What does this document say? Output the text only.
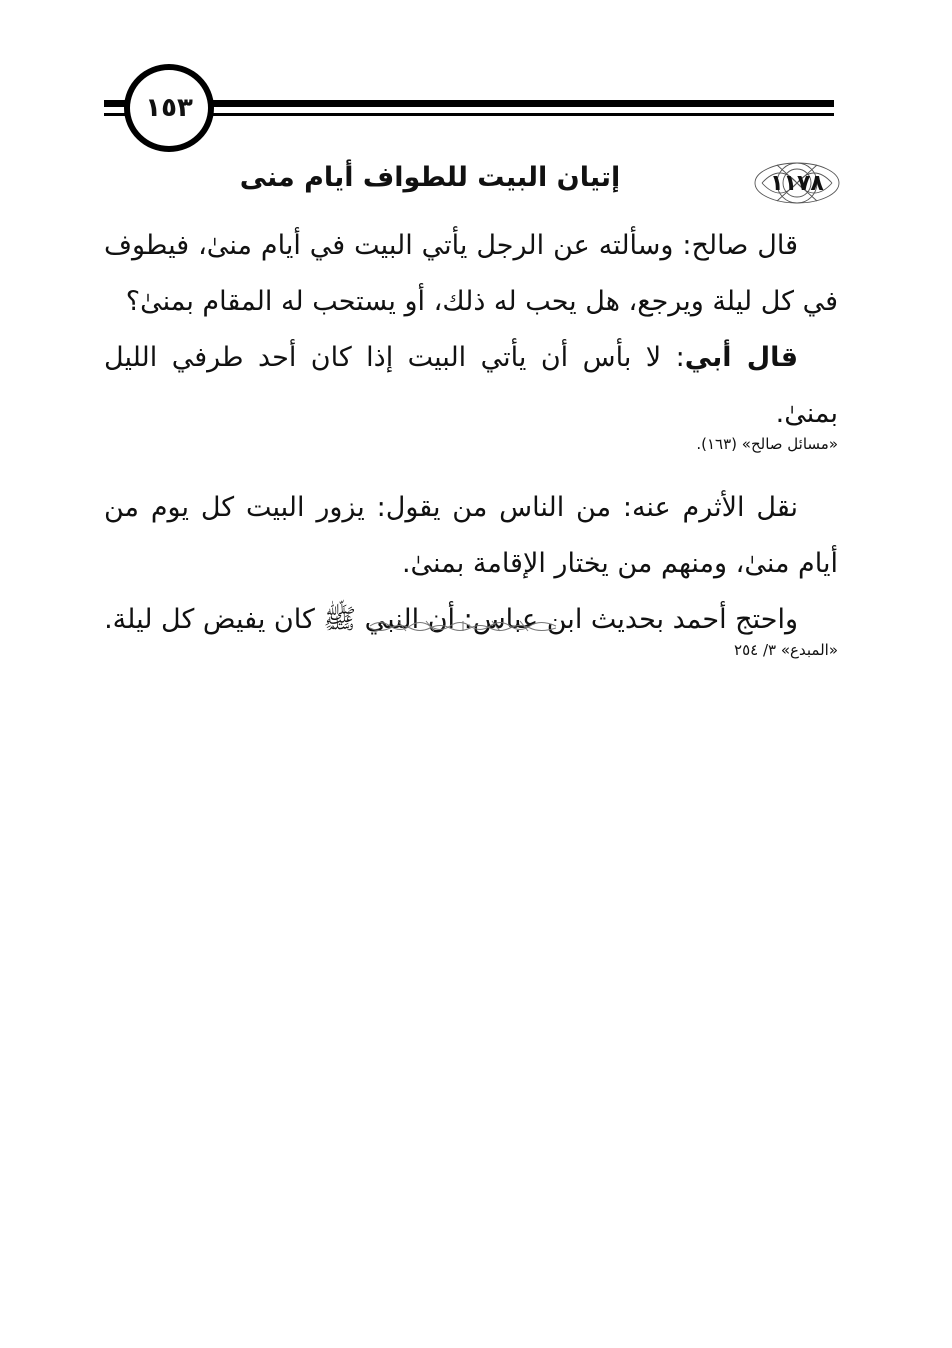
١٥٣
١١٧٨
إتيان البيت للطواف أيام منى

قال صالح: وسألته عن الرجل يأتي البيت في أيام منىٰ، فيطوف في كل ليلة ويرجع، هل يحب له ذلك، أو يستحب له المقام بمنىٰ؟

قال أبي: لا بأس أن يأتي البيت إذا كان أحد طرفي الليل بمنىٰ.

«مسائل صالح» (١٦٣).

نقل الأثرم عنه: من الناس من يقول: يزور البيت كل يوم من أيام منىٰ، ومنهم من يختار الإقامة بمنىٰ.

واحتج أحمد بحديث ابن عباس: أن النبي ﷺ كان يفيض كل ليلة.

«المبدع» ٣/ ٢٥٤
